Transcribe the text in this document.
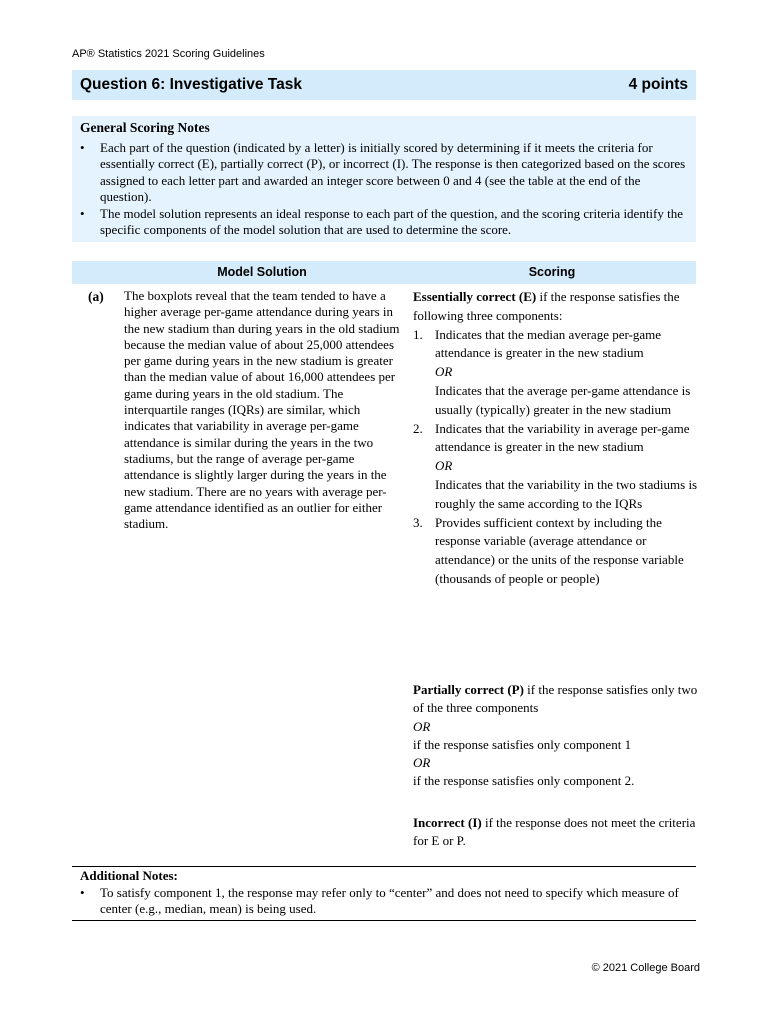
AP® Statistics 2021 Scoring Guidelines
Question 6: Investigative Task	4 points
General Scoring Notes
•	Each part of the question (indicated by a letter) is initially scored by determining if it meets the criteria for essentially correct (E), partially correct (P), or incorrect (I). The response is then categorized based on the scores assigned to each letter part and awarded an integer score between 0 and 4 (see the table at the end of the question).
•	The model solution represents an ideal response to each part of the question, and the scoring criteria identify the specific components of the model solution that are used to determine the score.
Model Solution	Scoring
(a) The boxplots reveal that the team tended to have a higher average per-game attendance during years in the new stadium than during years in the old stadium because the median value of about 25,000 attendees per game during years in the new stadium is greater than the median value of about 16,000 attendees per game during years in the old stadium. The interquartile ranges (IQRs) are similar, which indicates that variability in average per-game attendance is similar during the years in the two stadiums, but the range of average per-game attendance is slightly larger during the years in the new stadium. There are no years with average per-game attendance identified as an outlier for either stadium.

Essentially correct (E) if the response satisfies the following three components:

1. Indicates that the median average per-game attendance is greater in the new stadium
OR
Indicates that the average per-game attendance is usually (typically) greater in the new stadium
2. Indicates that the variability in average per-game attendance is greater in the new stadium
OR
Indicates that the variability in the two stadiums is roughly the same according to the IQRs
3. Provides sufficient context by including the response variable (average attendance or attendance) or the units of the response variable (thousands of people or people)
Partially correct (P) if the response satisfies only two of the three components
OR
if the response satisfies only component 1
OR
if the response satisfies only component 2.
Incorrect (I) if the response does not meet the criteria for E or P.
Additional Notes:
•	To satisfy component 1, the response may refer only to “center” and does not need to specify which measure of center (e.g., median, mean) is being used.
© 2021 College Board
